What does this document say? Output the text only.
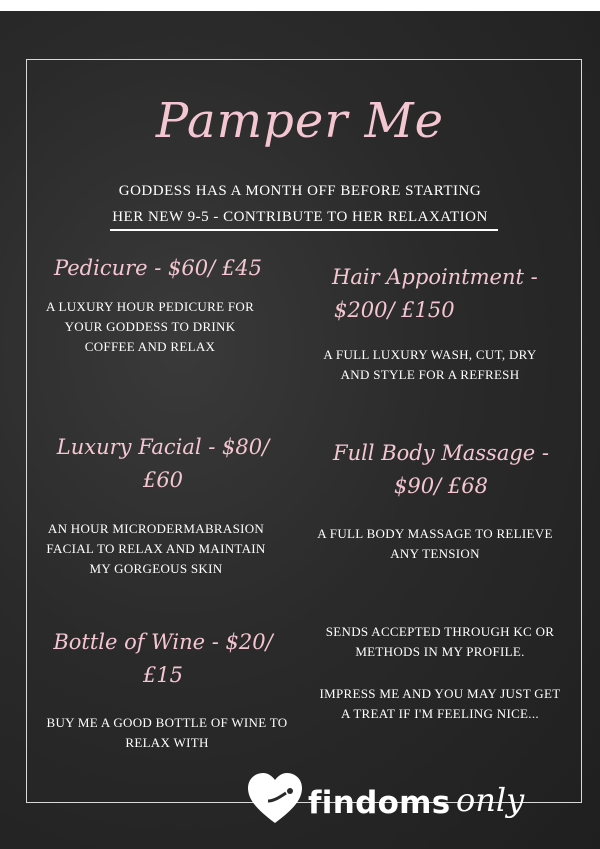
Pamper Me
GODDESS HAS A MONTH OFF BEFORE STARTING
HER NEW 9-5 - CONTRIBUTE TO HER RELAXATION
Pedicure - $60/ £45
A LUXURY HOUR PEDICURE FOR YOUR GODDESS TO DRINK COFFEE AND RELAX
Hair Appointment -
$200/ £150
A FULL LUXURY WASH, CUT, DRY AND STYLE FOR A REFRESH
Luxury Facial - $80/
£60
AN HOUR MICRODERMABRASION FACIAL TO RELAX AND MAINTAIN MY GORGEOUS SKIN
Full Body Massage -
$90/ £68
A FULL BODY MASSAGE TO RELIEVE ANY TENSION
Bottle of Wine - $20/
£15
BUY ME A GOOD BOTTLE OF WINE TO RELAX WITH
SENDS ACCEPTED THROUGH KC OR METHODS IN MY PROFILE.
IMPRESS ME AND YOU MAY JUST GET A TREAT IF I'M FEELING NICE...
findoms only
